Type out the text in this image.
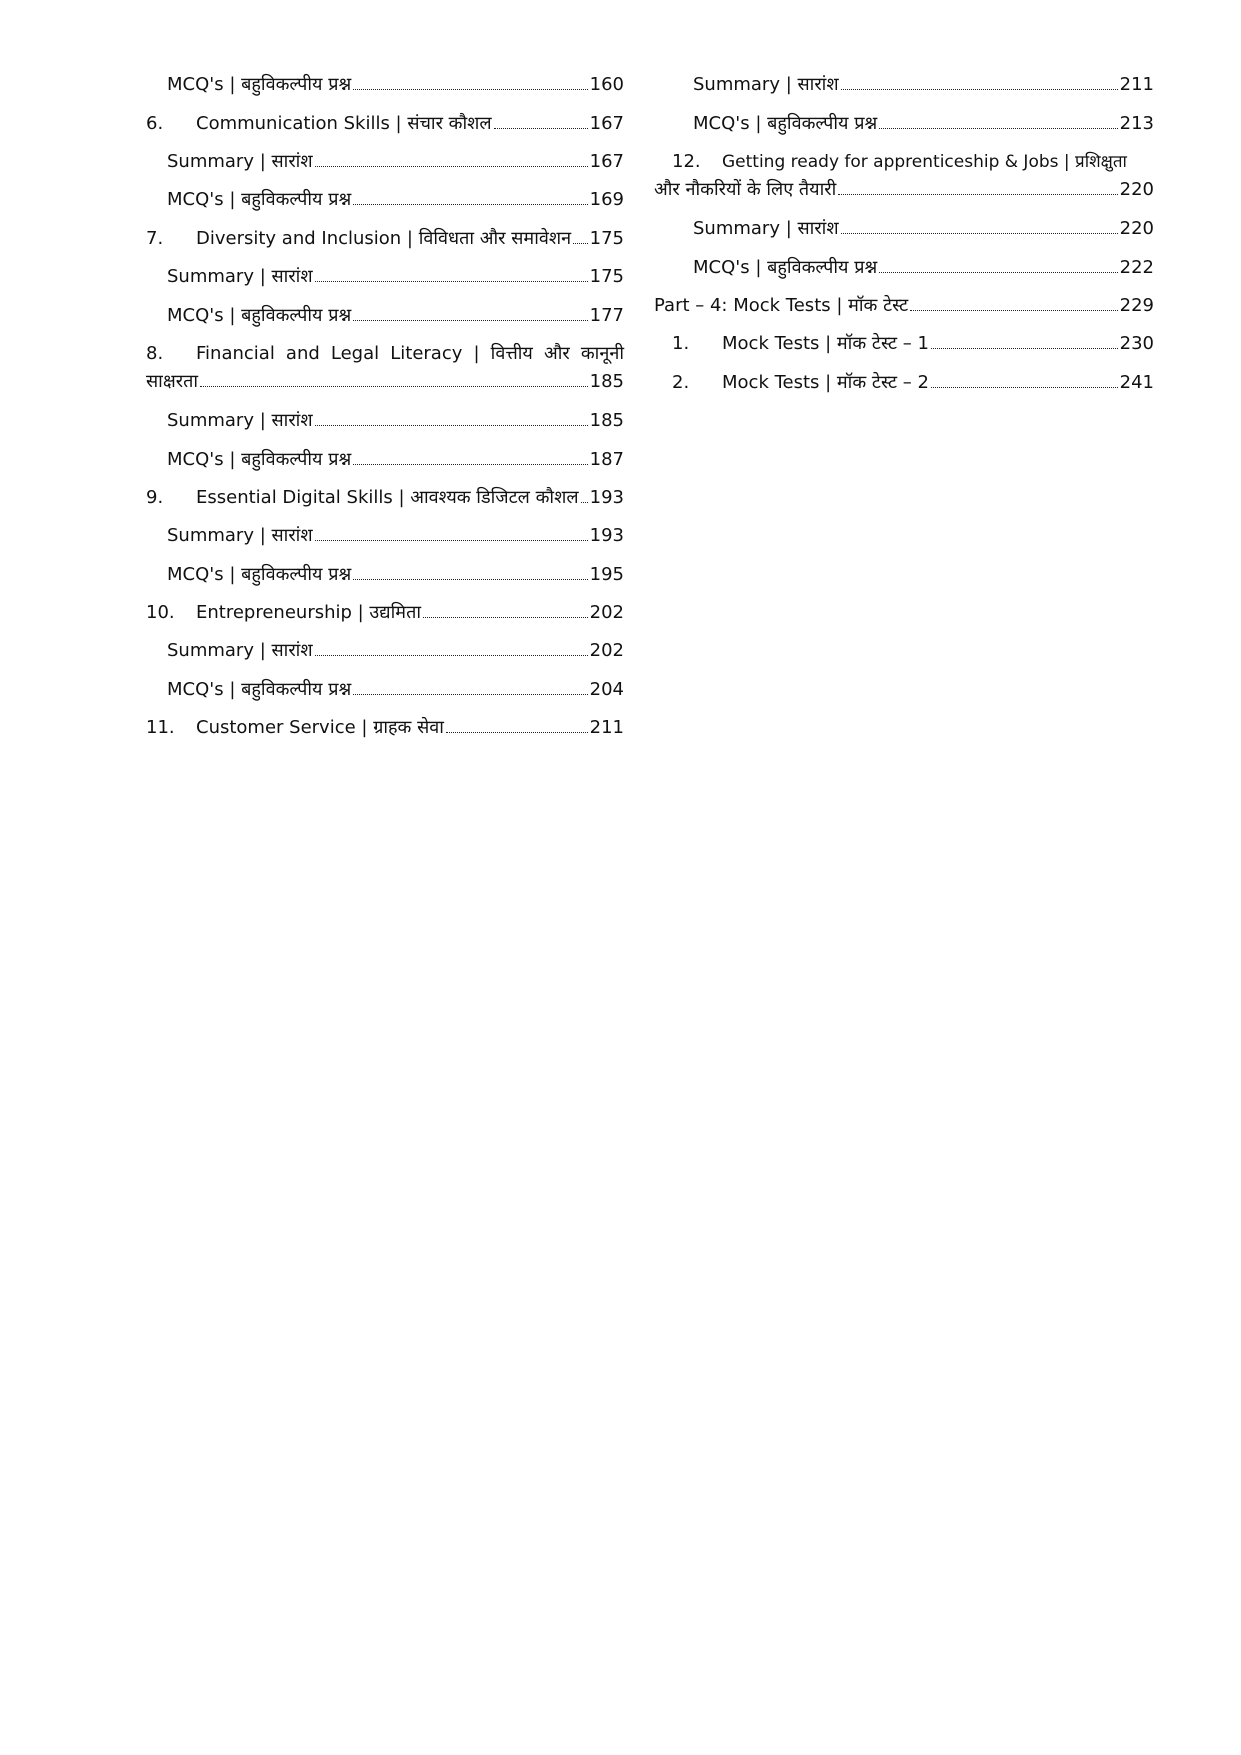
MCQ's | बहुविकल्पीय प्रश्न	160
6.	Communication Skills | संचार कौशल	167
Summary | सारांश	167
MCQ's | बहुविकल्पीय प्रश्न	169
7.	Diversity and Inclusion | विविधता और समावेशन 175
Summary | सारांश	175
MCQ's | बहुविकल्पीय प्रश्न	177
8.	Financial and Legal Literacy | वित्तीय और कानूनी
साक्षरता	185
Summary | सारांश	185
MCQ's | बहुविकल्पीय प्रश्न	187
9.	Essential Digital Skills | आवश्यक डिजिटल कौशल 193
Summary | सारांश	193
MCQ's | बहुविकल्पीय प्रश्न	195
10.	Entrepreneurship | उद्यमिता	202
Summary | सारांश	202
MCQ's | बहुविकल्पीय प्रश्न	204
11.	Customer Service | ग्राहक सेवा	211
Summary | सारांश	211
MCQ's | बहुविकल्पीय प्रश्न	213
12.	Getting ready for apprenticeship & Jobs | प्रशिक्षुता
और नौकरियों के लिए तैयारी	220
Summary | सारांश	220
MCQ's | बहुविकल्पीय प्रश्न	222
Part – 4: Mock Tests | मॉक टेस्ट	229
1.	Mock Tests | मॉक टेस्ट – 1	230
2.	Mock Tests | मॉक टेस्ट – 2	241
